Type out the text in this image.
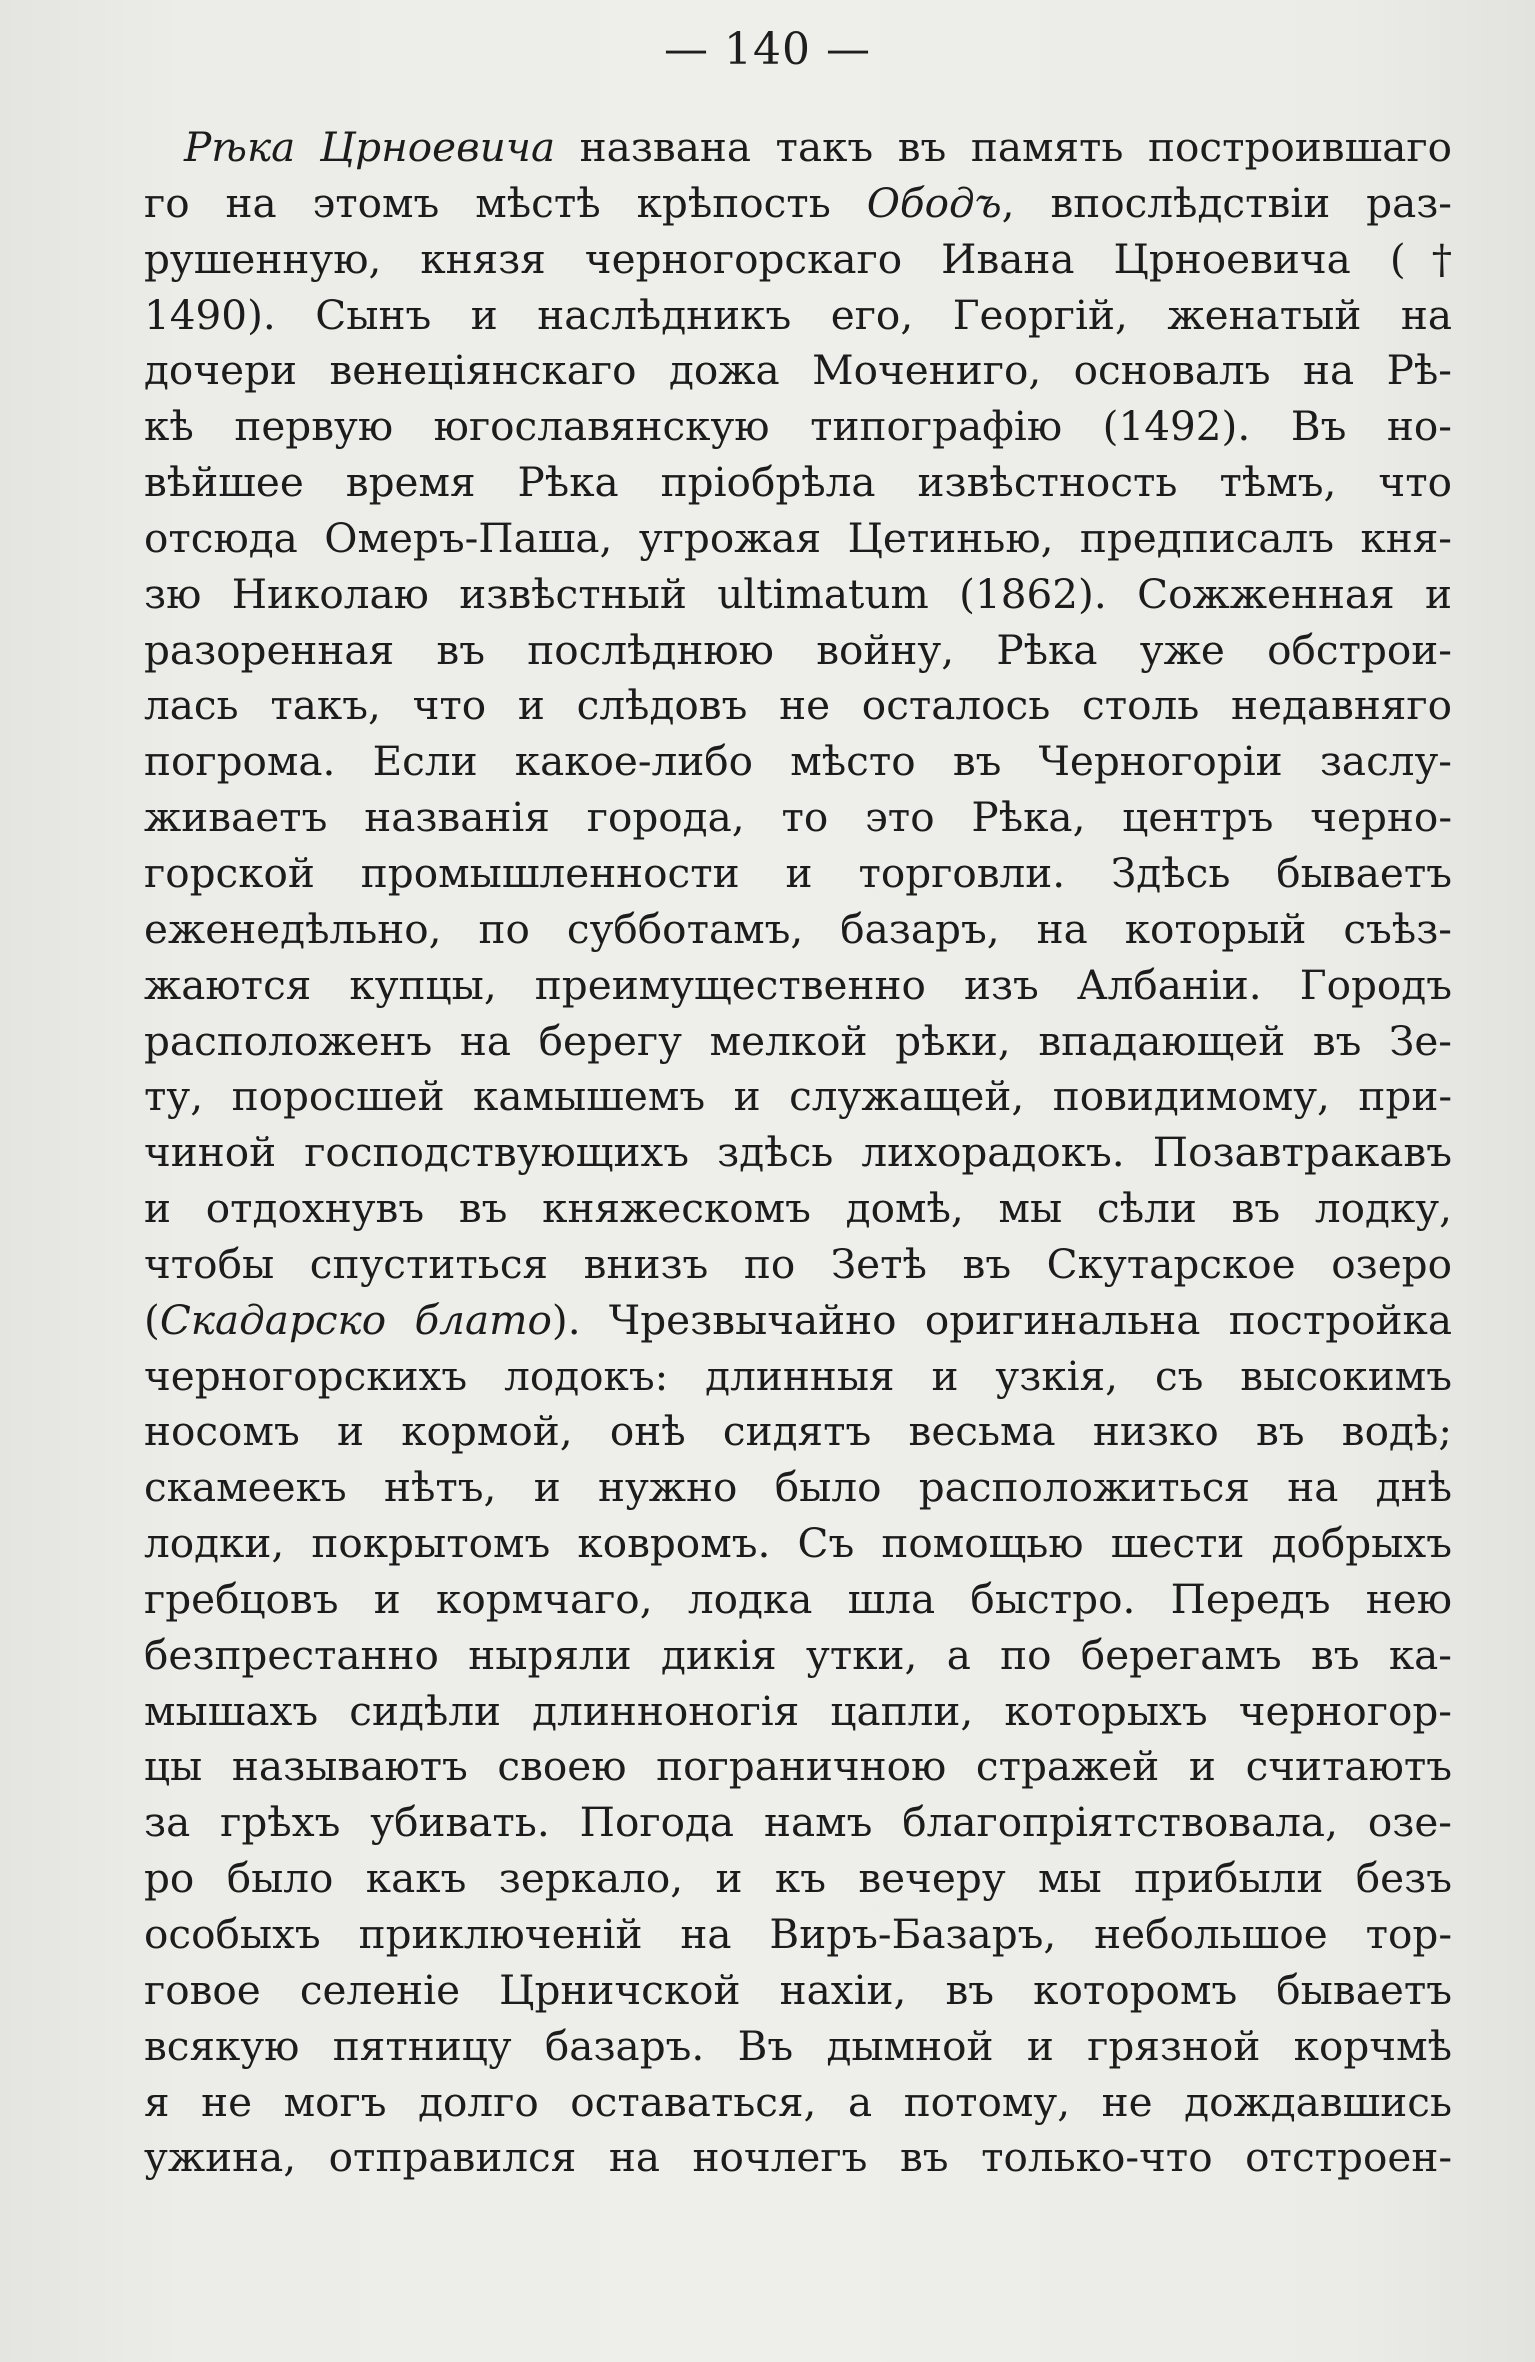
— 140 —
Рѣка Црноевича названа такъ въ память построившаго
го на этомъ мѣстѣ крѣпость Ободъ, впослѣдствіи раз-
рушенную, князя черногорскаго Ивана Црноевича (†
1490). Сынъ и наслѣдникъ его, Георгій, женатый на
дочери венеціянскаго дожа Мочениго, основалъ на Рѣ-
кѣ первую югославянскую типографію (1492). Въ но-
вѣйшее время Рѣка пріобрѣла извѣстность тѣмъ, что
отсюда Омеръ-Паша, угрожая Цетинью, предписалъ кня-
зю Николаю извѣстный ultimatum (1862). Сожженная и
разоренная въ послѣднюю войну, Рѣка уже обстрои-
лась такъ, что и слѣдовъ не осталось столь недавняго
погрома. Если какое-либо мѣсто въ Черногоріи заслу-
живаетъ названія города, то это Рѣка, центръ черно-
горской промышленности и торговли. Здѣсь бываетъ
еженедѣльно, по субботамъ, базаръ, на который съѣз-
жаются купцы, преимущественно изъ Албаніи. Городъ
расположенъ на берегу мелкой рѣки, впадающей въ Зе-
ту, поросшей камышемъ и служащей, повидимому, при-
чиной господствующихъ здѣсь лихорадокъ. Позавтракавъ
и отдохнувъ въ княжескомъ домѣ, мы сѣли въ лодку,
чтобы спуститься внизъ по Зетѣ въ Скутарское озеро
(Скадарско блато). Чрезвычайно оригинальна постройка
черногорскихъ лодокъ: длинныя и узкія, съ высокимъ
носомъ и кормой, онѣ сидятъ весьма низко въ водѣ;
скамеекъ нѣтъ, и нужно было расположиться на днѣ
лодки, покрытомъ ковромъ. Съ помощью шести добрыхъ
гребцовъ и кормчаго, лодка шла быстро. Передъ нею
безпрестанно ныряли дикія утки, а по берегамъ въ ка-
мышахъ сидѣли длинноногія цапли, которыхъ черногор-
цы называютъ своею пограничною стражей и считаютъ
за грѣхъ убивать. Погода намъ благопріятствовала, озе-
ро было какъ зеркало, и къ вечеру мы прибыли безъ
особыхъ приключеній на Виръ-Базаръ, небольшое тор-
говое селеніе Црничской нахіи, въ которомъ бываетъ
всякую пятницу базаръ. Въ дымной и грязной корчмѣ
я не могъ долго оставаться, а потому, не дождавшись
ужина, отправился на ночлегъ въ только-что отстроен-
